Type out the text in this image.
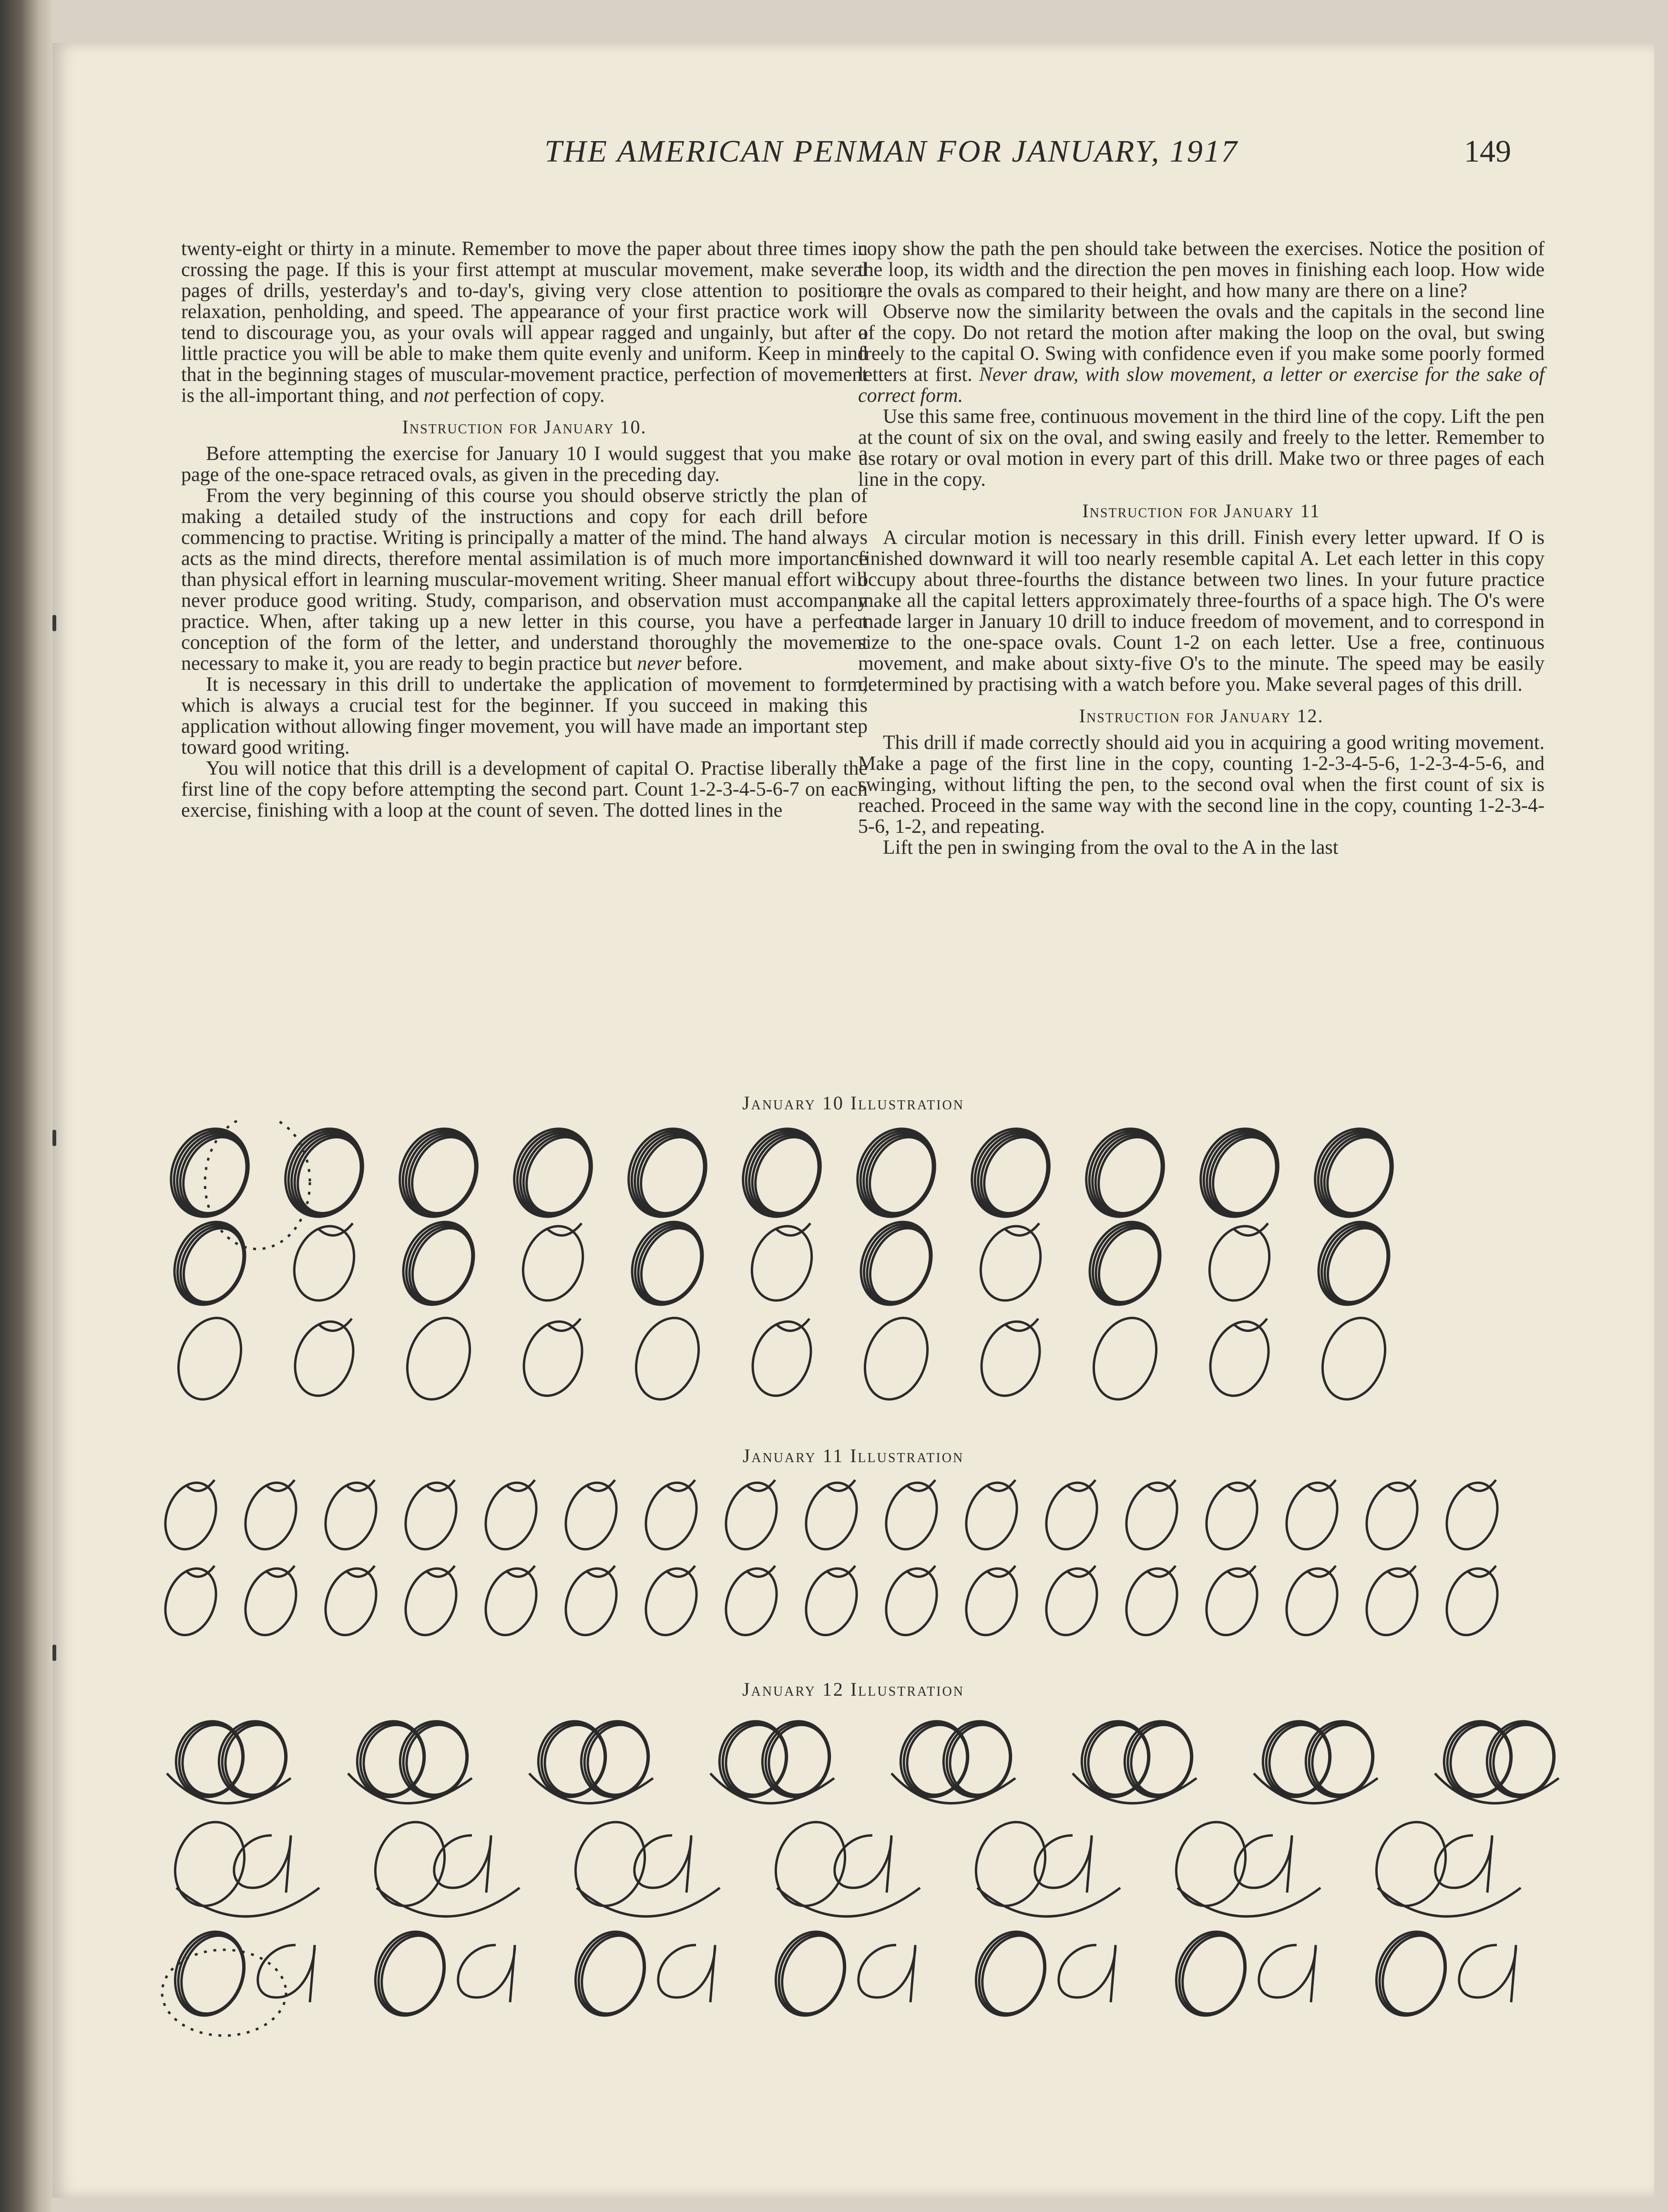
THE AMERICAN PENMAN FOR JANUARY, 1917	149

twenty-eight or thirty in a minute. Remember to move the paper about three times in crossing the page. If this is your first attempt at muscular movement, make several pages of drills, yesterday's and to-day's, giving very close attention to position, relaxation, penholding, and speed. The appearance of your first practice work will tend to discourage you, as your ovals will appear ragged and ungainly, but after a little practice you will be able to make them quite evenly and uniform. Keep in mind that in the beginning stages of muscular-movement practice, perfection of movement is the all-important thing, and not perfection of copy.

Instruction for January 10.

Before attempting the exercise for January 10 I would suggest that you make a page of the one-space retraced ovals, as given in the preceding day.

From the very beginning of this course you should observe strictly the plan of making a detailed study of the instructions and copy for each drill before commencing to practise. Writing is principally a matter of the mind. The hand always acts as the mind directs, therefore mental assimilation is of much more importance than physical effort in learning muscular-movement writing. Sheer manual effort will never produce good writing. Study, comparison, and observation must accompany practice. When, after taking up a new letter in this course, you have a perfect conception of the form of the letter, and understand thoroughly the movement necessary to make it, you are ready to begin practice but never before.

It is necessary in this drill to undertake the application of movement to form, which is always a crucial test for the beginner. If you succeed in making this application without allowing finger movement, you will have made an important step toward good writing.

You will notice that this drill is a development of capital O. Practise liberally the first line of the copy before attempting the second part. Count 1-2-3-4-5-6-7 on each exercise, finishing with a loop at the count of seven. The dotted lines in the

copy show the path the pen should take between the exercises. Notice the position of the loop, its width and the direction the pen moves in finishing each loop. How wide are the ovals as compared to their height, and how many are there on a line?

Observe now the similarity between the ovals and the capitals in the second line of the copy. Do not retard the motion after making the loop on the oval, but swing freely to the capital O. Swing with confidence even if you make some poorly formed letters at first. Never draw, with slow movement, a letter or exercise for the sake of correct form.

Use this same free, continuous movement in the third line of the copy. Lift the pen at the count of six on the oval, and swing easily and freely to the letter. Remember to use rotary or oval motion in every part of this drill. Make two or three pages of each line in the copy.

Instruction for January 11

A circular motion is necessary in this drill. Finish every letter upward. If O is finished downward it will too nearly resemble capital A. Let each letter in this copy occupy about three-fourths the distance between two lines. In your future practice make all the capital letters approximately three-fourths of a space high. The O's were made larger in January 10 drill to induce freedom of movement, and to correspond in size to the one-space ovals. Count 1-2 on each letter. Use a free, continuous movement, and make about sixty-five O's to the minute. The speed may be easily determined by practising with a watch before you. Make several pages of this drill.

Instruction for January 12.

This drill if made correctly should aid you in acquiring a good writing movement. Make a page of the first line in the copy, counting 1-2-3-4-5-6, 1-2-3-4-5-6, and swinging, without lifting the pen, to the second oval when the first count of six is reached. Proceed in the same way with the second line in the copy, counting 1-2-3-4-5-6, 1-2, and repeating.

Lift the pen in swinging from the oval to the A in the last

January 10 Illustration
January 11 Illustration
January 12 Illustration
